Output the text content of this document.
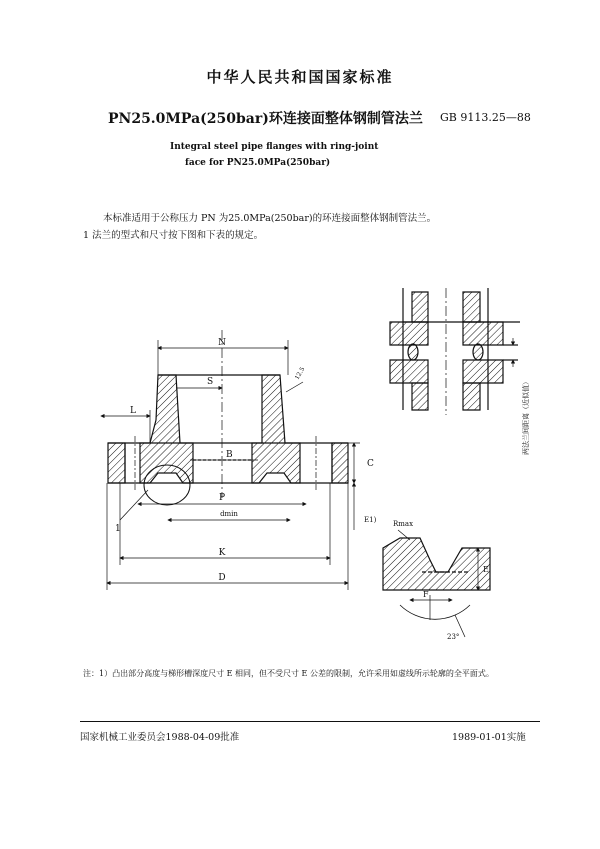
中华人民共和国国家标准
PN25.0MPa(250bar)环连接面整体钢制管法兰 GB 9113.25—88
Integral steel pipe flanges with ring-joint
face for PN25.0MPa(250bar)
本标准适用于公称压力 PN 为25.0MPa(250bar)的环连接面整体钢制管法兰。
1 法兰的型式和尺寸按下图和下表的规定。
N
S
L
B
P
dmin
K
D
C
E1)
1
12.5
两法兰间距离（近似值）
Rmax
E
F
23°
注：1）凸出部分高度与梯形槽深度尺寸 E 相同，但不受尺寸 E 公差的限制，允许采用如虚线所示轮廓的全平面式。
国家机械工业委员会1988-04-09批准	1989-01-01实施
